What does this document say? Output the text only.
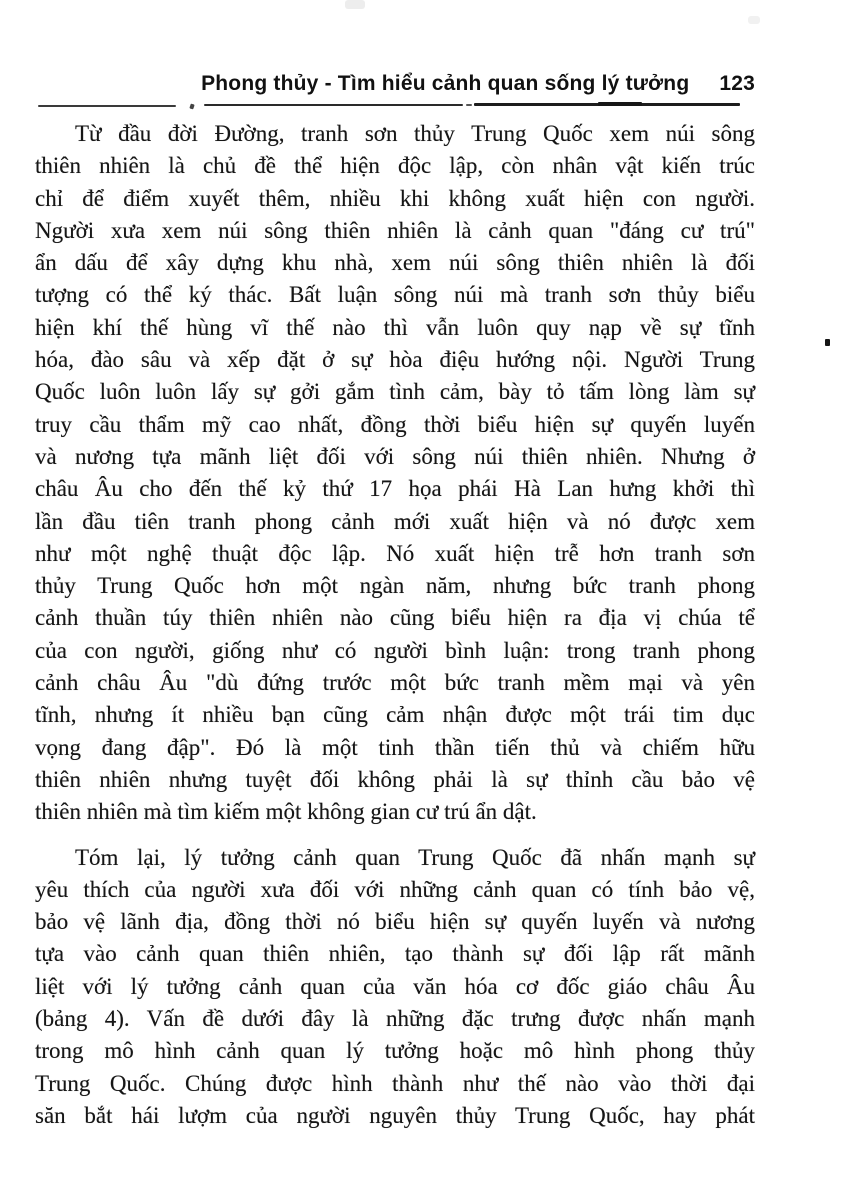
Phong thủy - Tìm hiểu cảnh quan sống lý tưởng 123
Từ đầu đời Đường, tranh sơn thủy Trung Quốc xem núi sông
thiên nhiên là chủ đề thể hiện độc lập, còn nhân vật kiến trúc
chỉ để điểm xuyết thêm, nhiều khi không xuất hiện con người.
Người xưa xem núi sông thiên nhiên là cảnh quan "đáng cư trú"
ẩn dấu để xây dựng khu nhà, xem núi sông thiên nhiên là đối
tượng có thể ký thác. Bất luận sông núi mà tranh sơn thủy biểu
hiện khí thế hùng vĩ thế nào thì vẫn luôn quy nạp về sự tĩnh
hóa, đào sâu và xếp đặt ở sự hòa điệu hướng nội. Người Trung
Quốc luôn luôn lấy sự gởi gắm tình cảm, bày tỏ tấm lòng làm sự
truy cầu thẩm mỹ cao nhất, đồng thời biểu hiện sự quyến luyến
và nương tựa mãnh liệt đối với sông núi thiên nhiên. Nhưng ở
châu Âu cho đến thế kỷ thứ 17 họa phái Hà Lan hưng khởi thì
lần đầu tiên tranh phong cảnh mới xuất hiện và nó được xem
như một nghệ thuật độc lập. Nó xuất hiện trễ hơn tranh sơn
thủy Trung Quốc hơn một ngàn năm, nhưng bức tranh phong
cảnh thuần túy thiên nhiên nào cũng biểu hiện ra địa vị chúa tể
của con người, giống như có người bình luận: trong tranh phong
cảnh châu Âu "dù đứng trước một bức tranh mềm mại và yên
tĩnh, nhưng ít nhiều bạn cũng cảm nhận được một trái tim dục
vọng đang đập". Đó là một tinh thần tiến thủ và chiếm hữu
thiên nhiên nhưng tuyệt đối không phải là sự thỉnh cầu bảo vệ
thiên nhiên mà tìm kiếm một không gian cư trú ẩn dật.
Tóm lại, lý tưởng cảnh quan Trung Quốc đã nhấn mạnh sự
yêu thích của người xưa đối với những cảnh quan có tính bảo vệ,
bảo vệ lãnh địa, đồng thời nó biểu hiện sự quyến luyến và nương
tựa vào cảnh quan thiên nhiên, tạo thành sự đối lập rất mãnh
liệt với lý tưởng cảnh quan của văn hóa cơ đốc giáo châu Âu
(bảng 4). Vấn đề dưới đây là những đặc trưng được nhấn mạnh
trong mô hình cảnh quan lý tưởng hoặc mô hình phong thủy
Trung Quốc. Chúng được hình thành như thế nào vào thời đại
săn bắt hái lượm của người nguyên thủy Trung Quốc, hay phát
